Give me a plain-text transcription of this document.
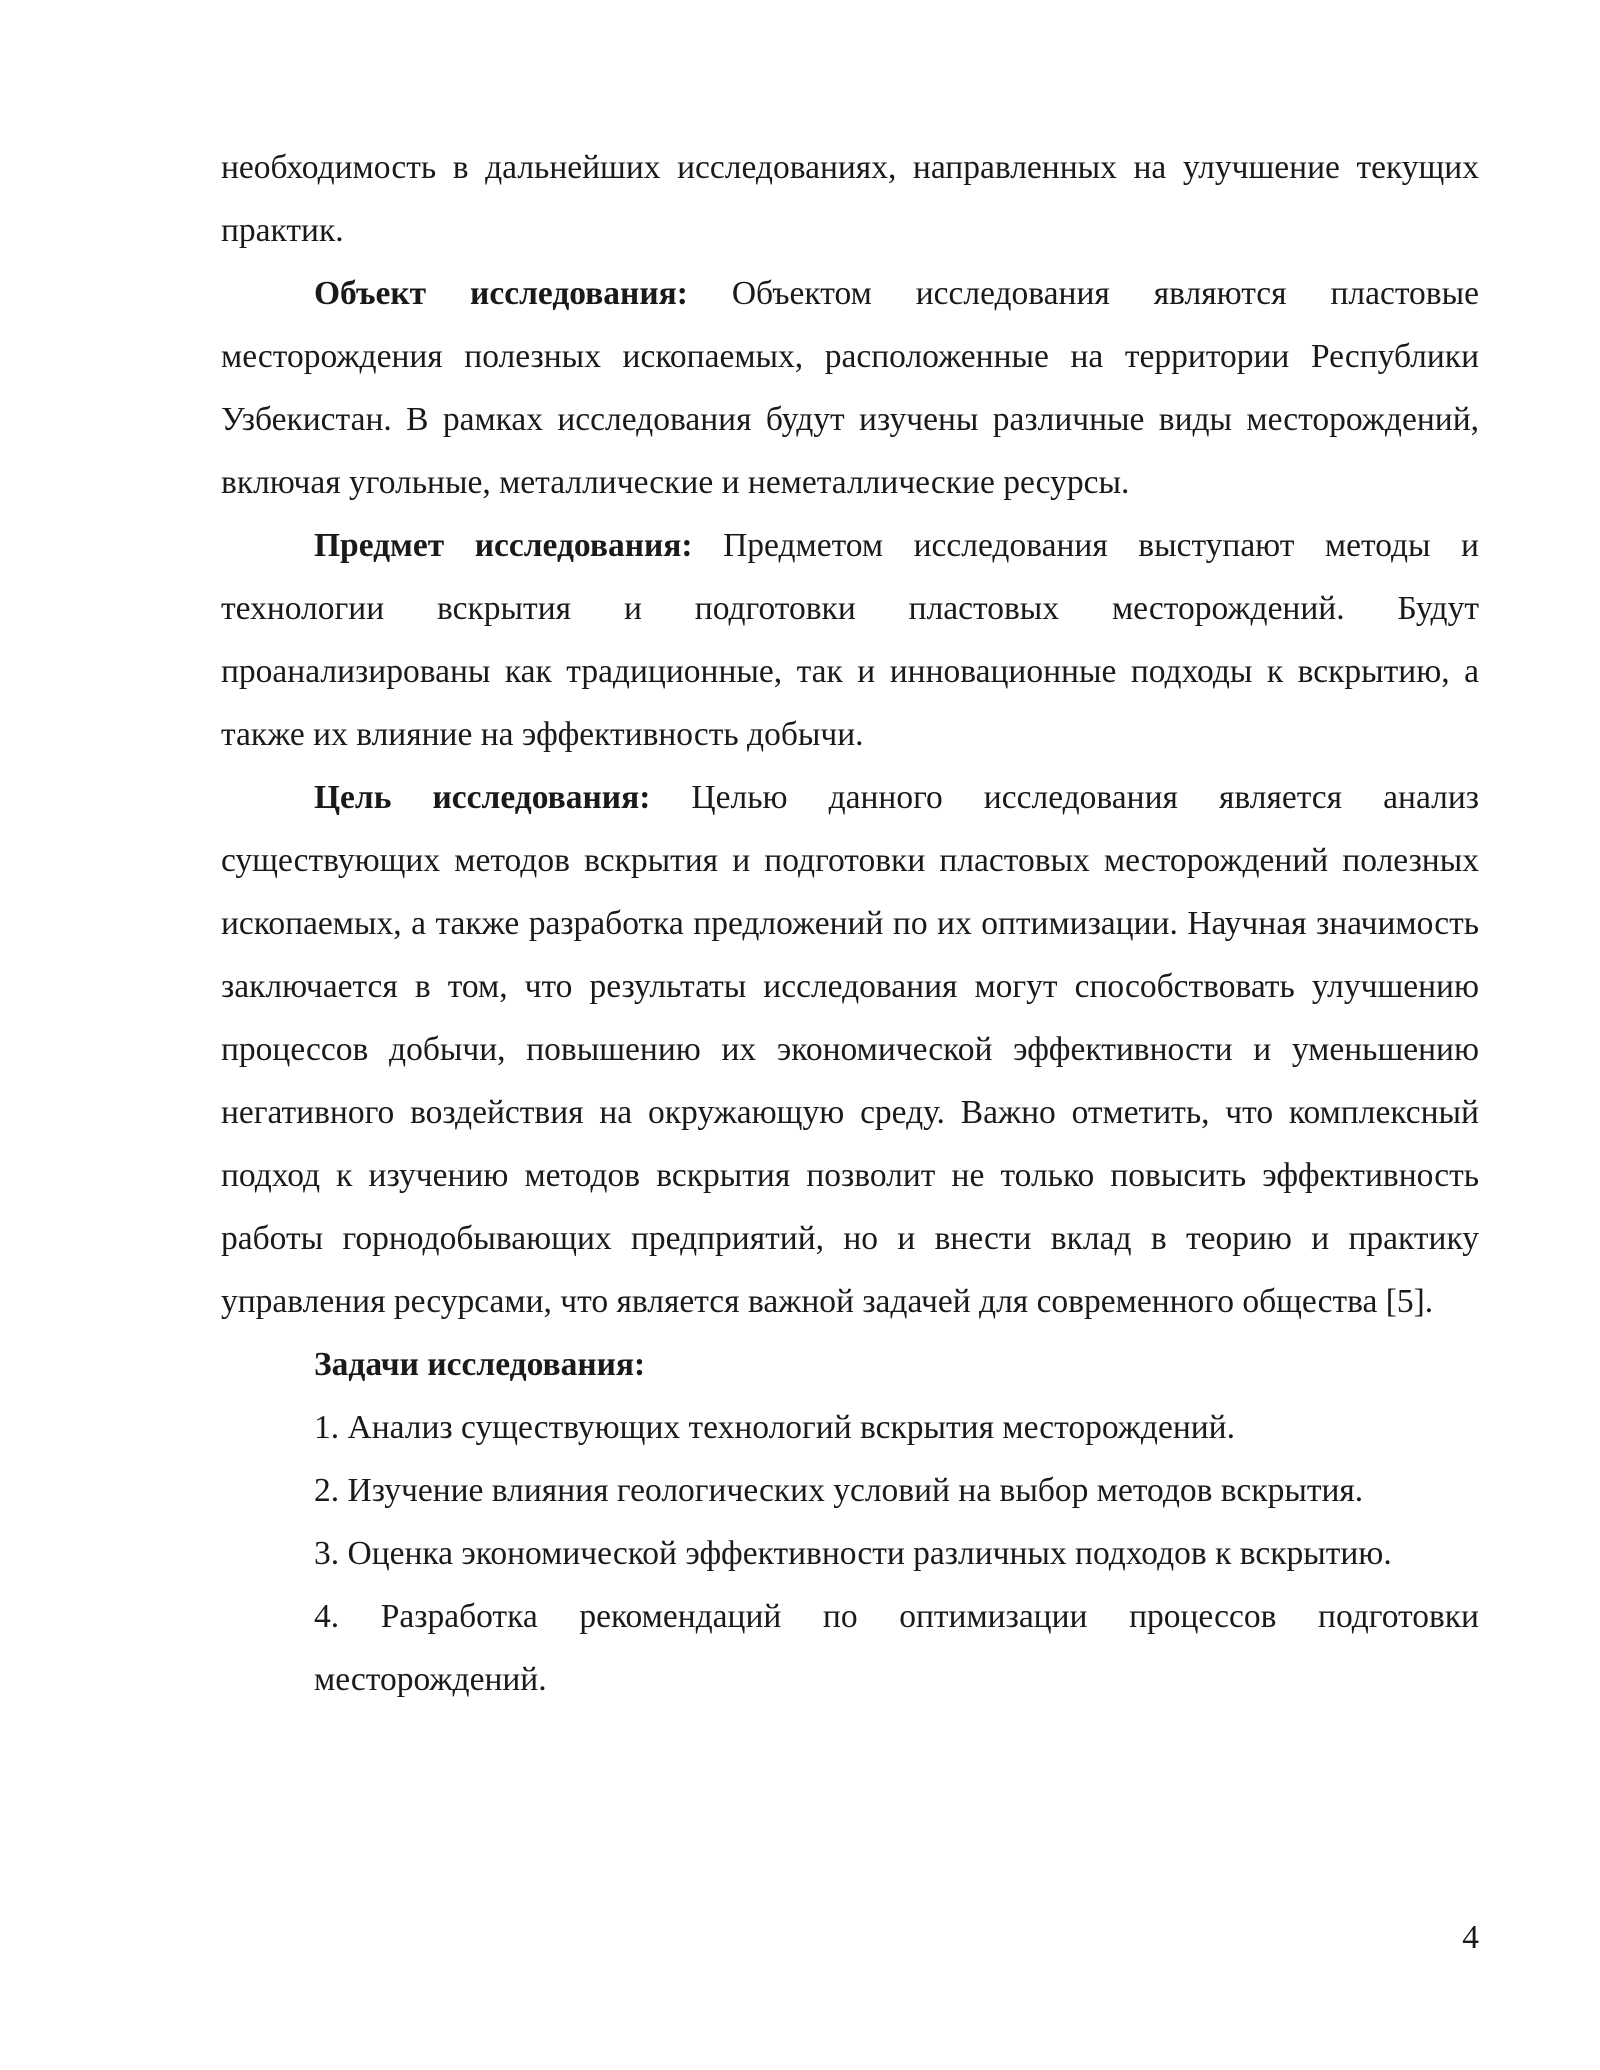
необходимость в дальнейших исследованиях, направленных на улучшение текущих практик.

Объект исследования: Объектом исследования являются пластовые месторождения полезных ископаемых, расположенные на территории Республики Узбекистан. В рамках исследования будут изучены различные виды месторождений, включая угольные, металлические и неметаллические ресурсы.

Предмет исследования: Предметом исследования выступают методы и технологии вскрытия и подготовки пластовых месторождений. Будут проанализированы как традиционные, так и инновационные подходы к вскрытию, а также их влияние на эффективность добычи.

Цель исследования: Целью данного исследования является анализ существующих методов вскрытия и подготовки пластовых месторождений полезных ископаемых, а также разработка предложений по их оптимизации. Научная значимость заключается в том, что результаты исследования могут способствовать улучшению процессов добычи, повышению их экономической эффективности и уменьшению негативного воздействия на окружающую среду. Важно отметить, что комплексный подход к изучению методов вскрытия позволит не только повысить эффективность работы горнодобывающих предприятий, но и внести вклад в теорию и практику управления ресурсами, что является важной задачей для современного общества [5].

Задачи исследования:

1. Анализ существующих технологий вскрытия месторождений.

2. Изучение влияния геологических условий на выбор методов вскрытия.

3. Оценка экономической эффективности различных подходов к вскрытию.

4. Разработка рекомендаций по оптимизации процессов подготовки месторождений.

4
